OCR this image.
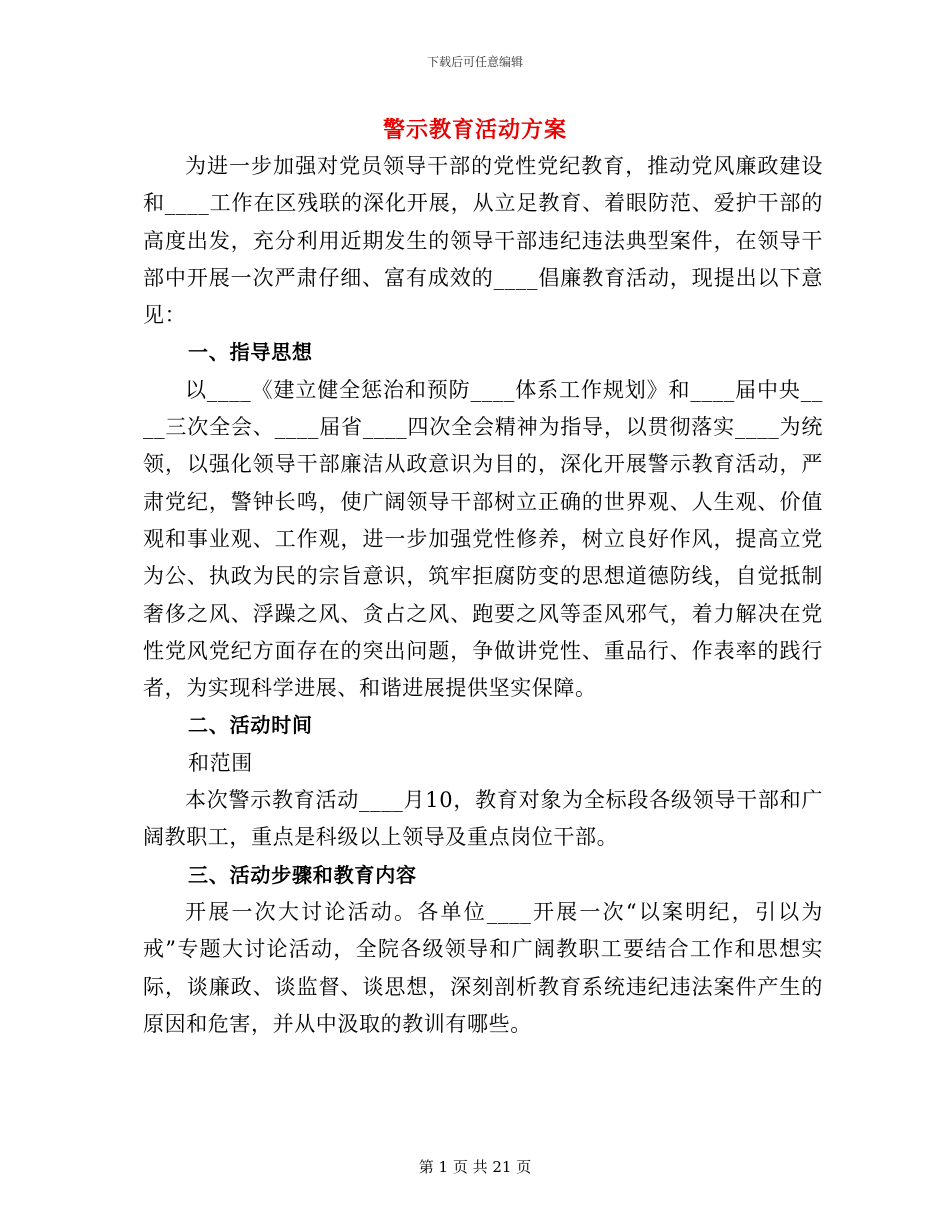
下载后可任意编辑
警示教育活动方案

为进一步加强对党员领导干部的党性党纪教育，推动党风廉政建设和____工作在区残联的深化开展，从立足教育、着眼防范、爱护干部的高度出发，充分利用近期发生的领导干部违纪违法典型案件，在领导干部中开展一次严肃仔细、富有成效的____倡廉教育活动，现提出以下意见：

一、指导思想

以____《建立健全惩治和预防____体系工作规划》和____届中央____三次全会、____届省____四次全会精神为指导，以贯彻落实____为统领，以强化领导干部廉洁从政意识为目的，深化开展警示教育活动，严肃党纪，警钟长鸣，使广阔领导干部树立正确的世界观、人生观、价值观和事业观、工作观，进一步加强党性修养，树立良好作风，提高立党为公、执政为民的宗旨意识，筑牢拒腐防变的思想道德防线，自觉抵制奢侈之风、浮躁之风、贪占之风、跑要之风等歪风邪气，着力解决在党性党风党纪方面存在的突出问题，争做讲党性、重品行、作表率的践行者，为实现科学进展、和谐进展提供坚实保障。

二、活动时间

和范围

本次警示教育活动____月10，教育对象为全标段各级领导干部和广阔教职工，重点是科级以上领导及重点岗位干部。

三、活动步骤和教育内容

开展一次大讨论活动。各单位____开展一次“以案明纪，引以为戒”专题大讨论活动，全院各级领导和广阔教职工要结合工作和思想实际，谈廉政、谈监督、谈思想，深刻剖析教育系统违纪违法案件产生的原因和危害，并从中汲取的教训有哪些。

第 1 页 共 21 页
